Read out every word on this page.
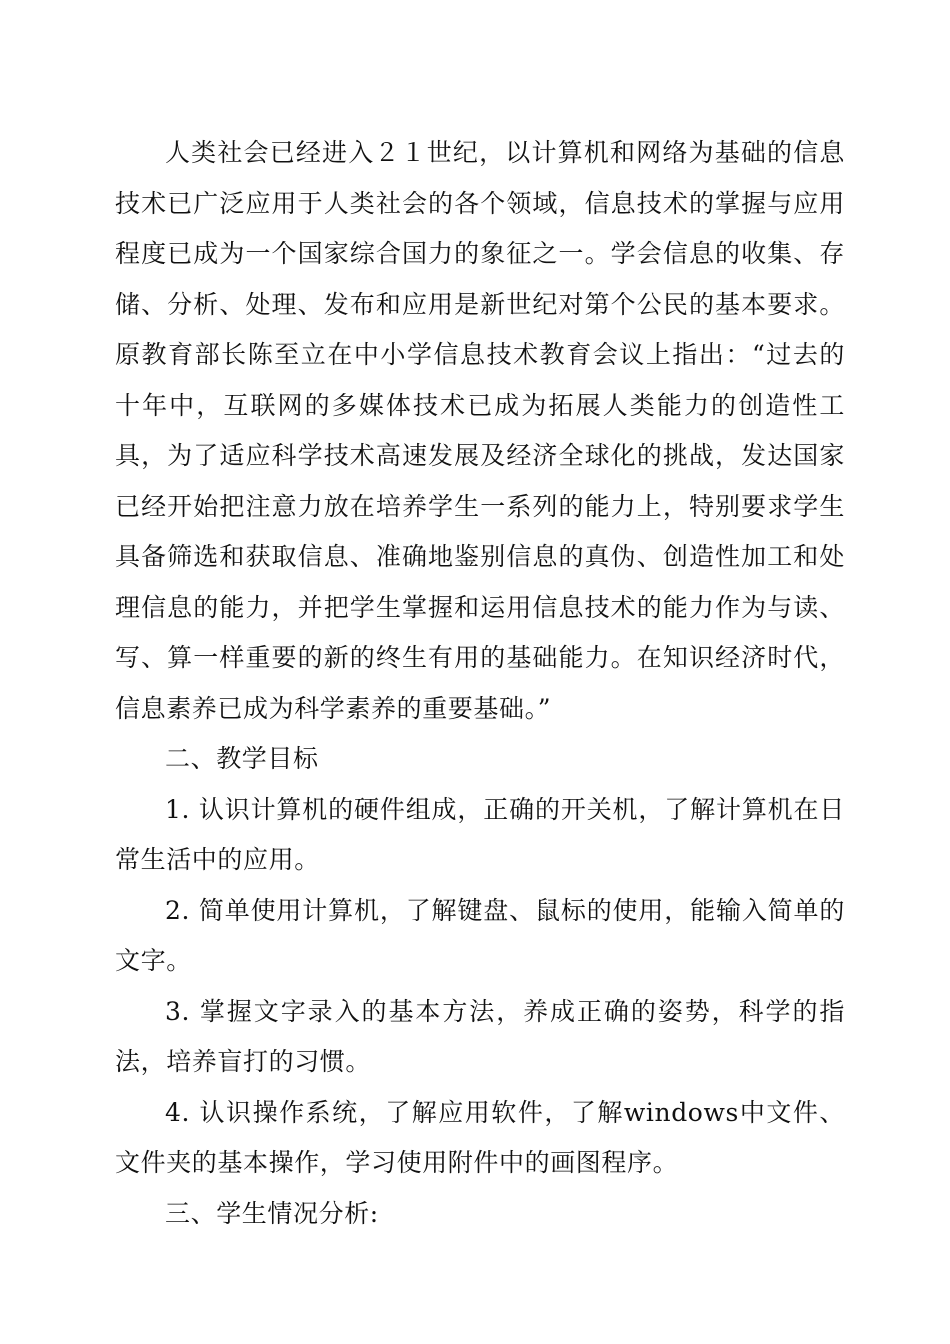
人类社会已经进入２１世纪，以计算机和网络为基础的信息技术已广泛应用于人类社会的各个领域，信息技术的掌握与应用程度已成为一个国家综合国力的象征之一。学会信息的收集、存储、分析、处理、发布和应用是新世纪对第个公民的基本要求。原教育部长陈至立在中小学信息技术教育会议上指出：“过去的十年中，互联网的多媒体技术已成为拓展人类能力的创造性工具，为了适应科学技术高速发展及经济全球化的挑战，发达国家已经开始把注意力放在培养学生一系列的能力上，特别要求学生具备筛选和获取信息、准确地鉴别信息的真伪、创造性加工和处理信息的能力，并把学生掌握和运用信息技术的能力作为与读、写、算一样重要的新的终生有用的基础能力。在知识经济时代，信息素养已成为科学素养的重要基础。”

二、教学目标

1. 认识计算机的硬件组成，正确的开关机，了解计算机在日常生活中的应用。

2. 简单使用计算机，了解键盘、鼠标的使用，能输入简单的文字。

3. 掌握文字录入的基本方法，养成正确的姿势，科学的指法，培养盲打的习惯。

4. 认识操作系统，了解应用软件，了解windows中文件、文件夹的基本操作，学习使用附件中的画图程序。

三、学生情况分析:
